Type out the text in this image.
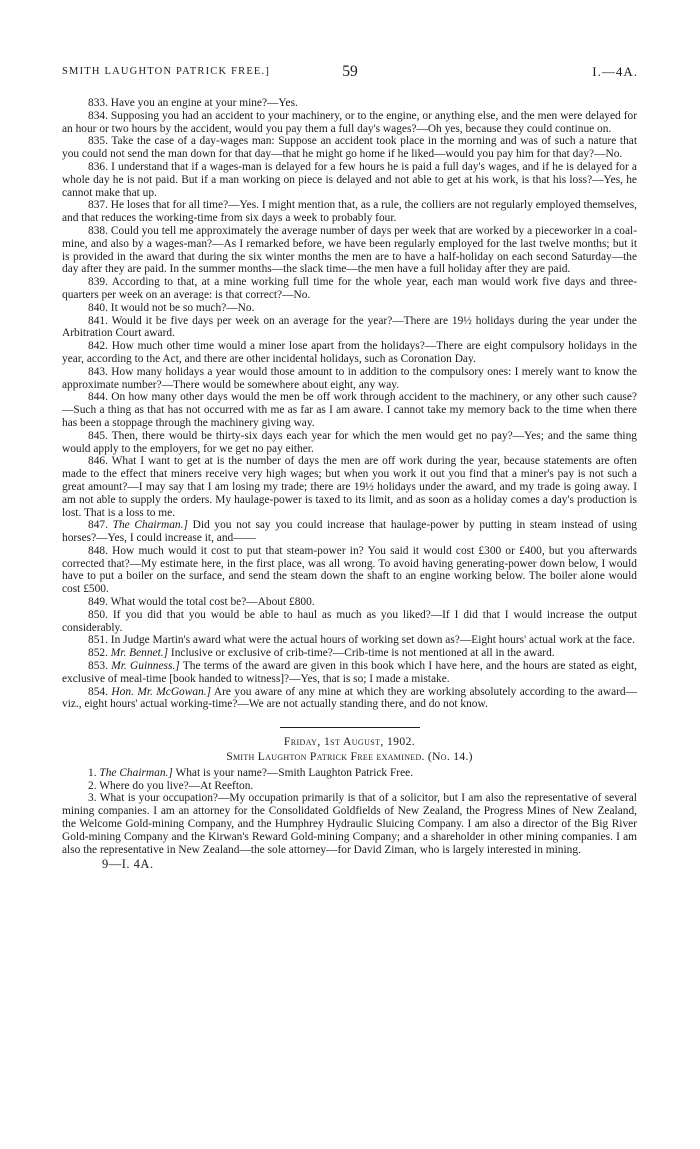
SMITH LAUGHTON PATRICK FREE.]	59	I.—4A.

833. Have you an engine at your mine?—Yes.

834. Supposing you had an accident to your machinery, or to the engine, or anything else, and the men were delayed for an hour or two hours by the accident, would you pay them a full day's wages?—Oh yes, because they could continue on.

835. Take the case of a day-wages man: Suppose an accident took place in the morning and was of such a nature that you could not send the man down for that day—that he might go home if he liked—would you pay him for that day?—No.

836. I understand that if a wages-man is delayed for a few hours he is paid a full day's wages, and if he is delayed for a whole day he is not paid. But if a man working on piece is delayed and not able to get at his work, is that his loss?—Yes, he cannot make that up.

837. He loses that for all time?—Yes. I might mention that, as a rule, the colliers are not regularly employed themselves, and that reduces the working-time from six days a week to probably four.

838. Could you tell me approximately the average number of days per week that are worked by a pieceworker in a coal-mine, and also by a wages-man?—As I remarked before, we have been regularly employed for the last twelve months; but it is provided in the award that during the six winter months the men are to have a half-holiday on each second Saturday—the day after they are paid. In the summer months—the slack time—the men have a full holiday after they are paid.

839. According to that, at a mine working full time for the whole year, each man would work five days and three-quarters per week on an average: is that correct?—No.

840. It would not be so much?—No.

841. Would it be five days per week on an average for the year?—There are 19½ holidays during the year under the Arbitration Court award.

842. How much other time would a miner lose apart from the holidays?—There are eight compulsory holidays in the year, according to the Act, and there are other incidental holidays, such as Coronation Day.

843. How many holidays a year would those amount to in addition to the compulsory ones: I merely want to know the approximate number?—There would be somewhere about eight, any way.

844. On how many other days would the men be off work through accident to the machinery, or any other such cause?—Such a thing as that has not occurred with me as far as I am aware. I cannot take my memory back to the time when there has been a stoppage through the machinery giving way.

845. Then, there would be thirty-six days each year for which the men would get no pay?—Yes; and the same thing would apply to the employers, for we get no pay either.

846. What I want to get at is the number of days the men are off work during the year, because statements are often made to the effect that miners receive very high wages; but when you work it out you find that a miner's pay is not such a great amount?—I may say that I am losing my trade; there are 19½ holidays under the award, and my trade is going away. I am not able to supply the orders. My haulage-power is taxed to its limit, and as soon as a holiday comes a day's production is lost. That is a loss to me.

847. The Chairman.] Did you not say you could increase that haulage-power by putting in steam instead of using horses?—Yes, I could increase it, and——

848. How much would it cost to put that steam-power in? You said it would cost £300 or £400, but you afterwards corrected that?—My estimate here, in the first place, was all wrong. To avoid having generating-power down below, I would have to put a boiler on the surface, and send the steam down the shaft to an engine working below. The boiler alone would cost £500.

849. What would the total cost be?—About £800.

850. If you did that you would be able to haul as much as you liked?—If I did that I would increase the output considerably.

851. In Judge Martin's award what were the actual hours of working set down as?—Eight hours' actual work at the face.

852. Mr. Bennet.] Inclusive or exclusive of crib-time?—Crib-time is not mentioned at all in the award.

853. Mr. Guinness.] The terms of the award are given in this book which I have here, and the hours are stated as eight, exclusive of meal-time [book handed to witness]?—Yes, that is so; I made a mistake.

854. Hon. Mr. McGowan.] Are you aware of any mine at which they are working absolutely according to the award—viz., eight hours' actual working-time?—We are not actually standing there, and do not know.

Friday, 1st August, 1902.

Smith Laughton Patrick Free examined. (No. 14.)

1. The Chairman.] What is your name?—Smith Laughton Patrick Free.

2. Where do you live?—At Reefton.

3. What is your occupation?—My occupation primarily is that of a solicitor, but I am also the representative of several mining companies. I am an attorney for the Consolidated Goldfields of New Zealand, the Progress Mines of New Zealand, the Welcome Gold-mining Company, and the Humphrey Hydraulic Sluicing Company. I am also a director of the Big River Gold-mining Company and the Kirwan's Reward Gold-mining Company; and a shareholder in other mining companies. I am also the representative in New Zealand—the sole attorney—for David Ziman, who is largely interested in mining.

9—I. 4A.
